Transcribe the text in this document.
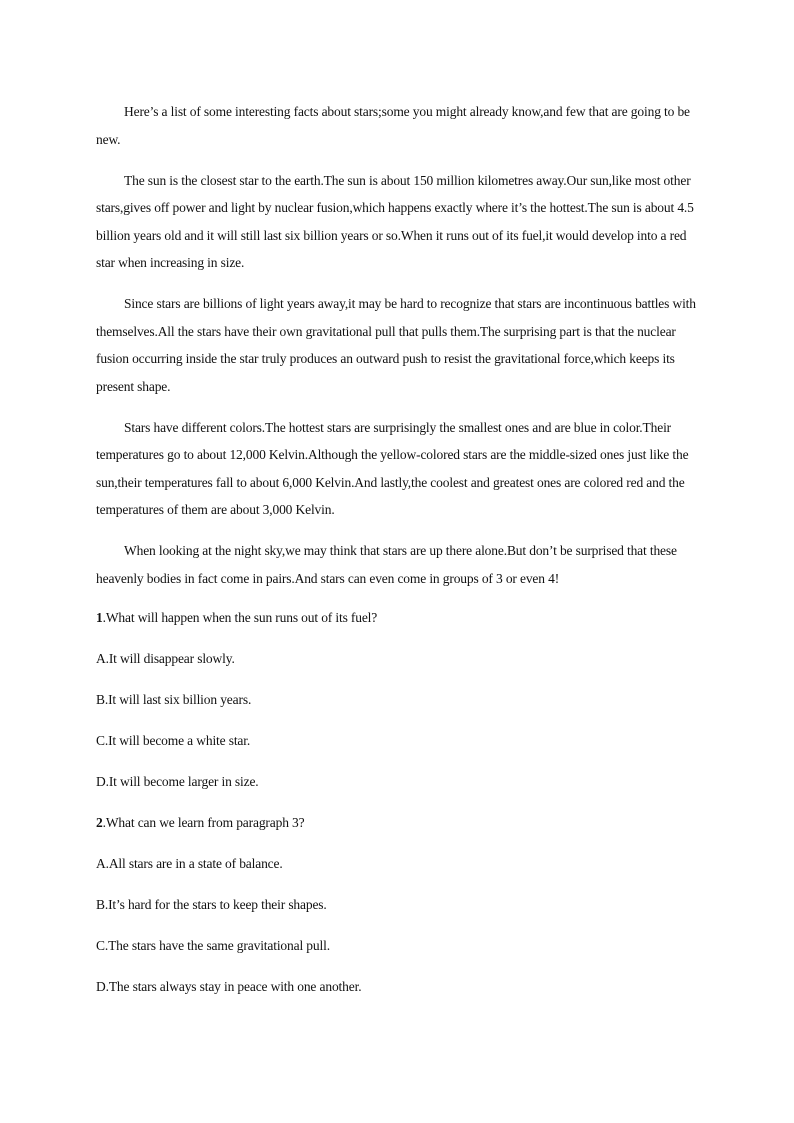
Here’s a list of some interesting facts about stars;some you might already know,and few that are going to be new.

The sun is the closest star to the earth.The sun is about 150 million kilometres away.Our sun,like most other stars,gives off power and light by nuclear fusion,which happens exactly where it’s the hottest.The sun is about 4.5 billion years old and it will still last six billion years or so.When it runs out of its fuel,it would develop into a red star when increasing in size.

Since stars are billions of light years away,it may be hard to recognize that stars are incontinuous battles with themselves.All the stars have their own gravitational pull that pulls them.The surprising part is that the nuclear fusion occurring inside the star truly produces an outward push to resist the gravitational force,which keeps its present shape.

Stars have different colors.The hottest stars are surprisingly the smallest ones and are blue in color.Their temperatures go to about 12,000 Kelvin.Although the yellow-colored stars are the middle-sized ones just like the sun,their temperatures fall to about 6,000 Kelvin.And lastly,the coolest and greatest ones are colored red and the temperatures of them are about 3,000 Kelvin.

When looking at the night sky,we may think that stars are up there alone.But don’t be surprised that these heavenly bodies in fact come in pairs.And stars can even come in groups of 3 or even 4!

1.What will happen when the sun runs out of its fuel?

A.It will disappear slowly.

B.It will last six billion years.

C.It will become a white star.

D.It will become larger in size.

2.What can we learn from paragraph 3?

A.All stars are in a state of balance.

B.It’s hard for the stars to keep their shapes.

C.The stars have the same gravitational pull.

D.The stars always stay in peace with one another.
